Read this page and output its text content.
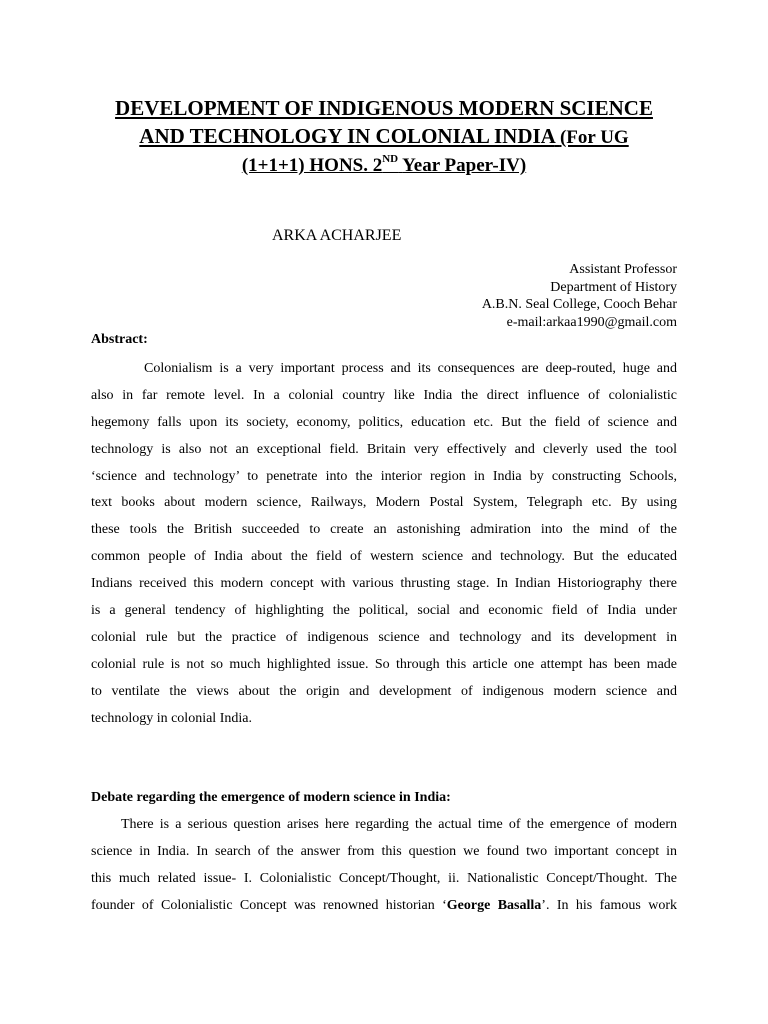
DEVELOPMENT OF INDIGENOUS MODERN SCIENCE
AND TECHNOLOGY IN COLONIAL INDIA (For UG
(1+1+1) HONS. 2ND Year Paper-IV)
ARKA ACHARJEE
Assistant Professor
Department of History
A.B.N. Seal College, Cooch Behar
e-mail:arkaa1990@gmail.com
Abstract:
Colonialism is a very important process and its consequences are deep-routed, huge and
also in far remote level. In a colonial country like India the direct influence of colonialistic
hegemony falls upon its society, economy, politics, education etc. But the field of science and
technology is also not an exceptional field. Britain very effectively and cleverly used the tool
‘science and technology’ to penetrate into the interior region in India by constructing Schools,
text books about modern science, Railways, Modern Postal System, Telegraph etc. By using
these tools the British succeeded to create an astonishing admiration into the mind of the
common people of India about the field of western science and technology. But the educated
Indians received this modern concept with various thrusting stage. In Indian Historiography there
is a general tendency of highlighting the political, social and economic field of India under
colonial rule but the practice of indigenous science and technology and its development in
colonial rule is not so much highlighted issue. So through this article one attempt has been made
to ventilate the views about the origin and development of indigenous modern science and
technology in colonial India.
Debate regarding the emergence of modern science in India:
There is a serious question arises here regarding the actual time of the emergence of modern
science in India. In search of the answer from this question we found two important concept in
this much related issue- I. Colonialistic Concept/Thought, ii. Nationalistic Concept/Thought. The
founder of Colonialistic Concept was renowned historian ‘George Basalla’. In his famous work
